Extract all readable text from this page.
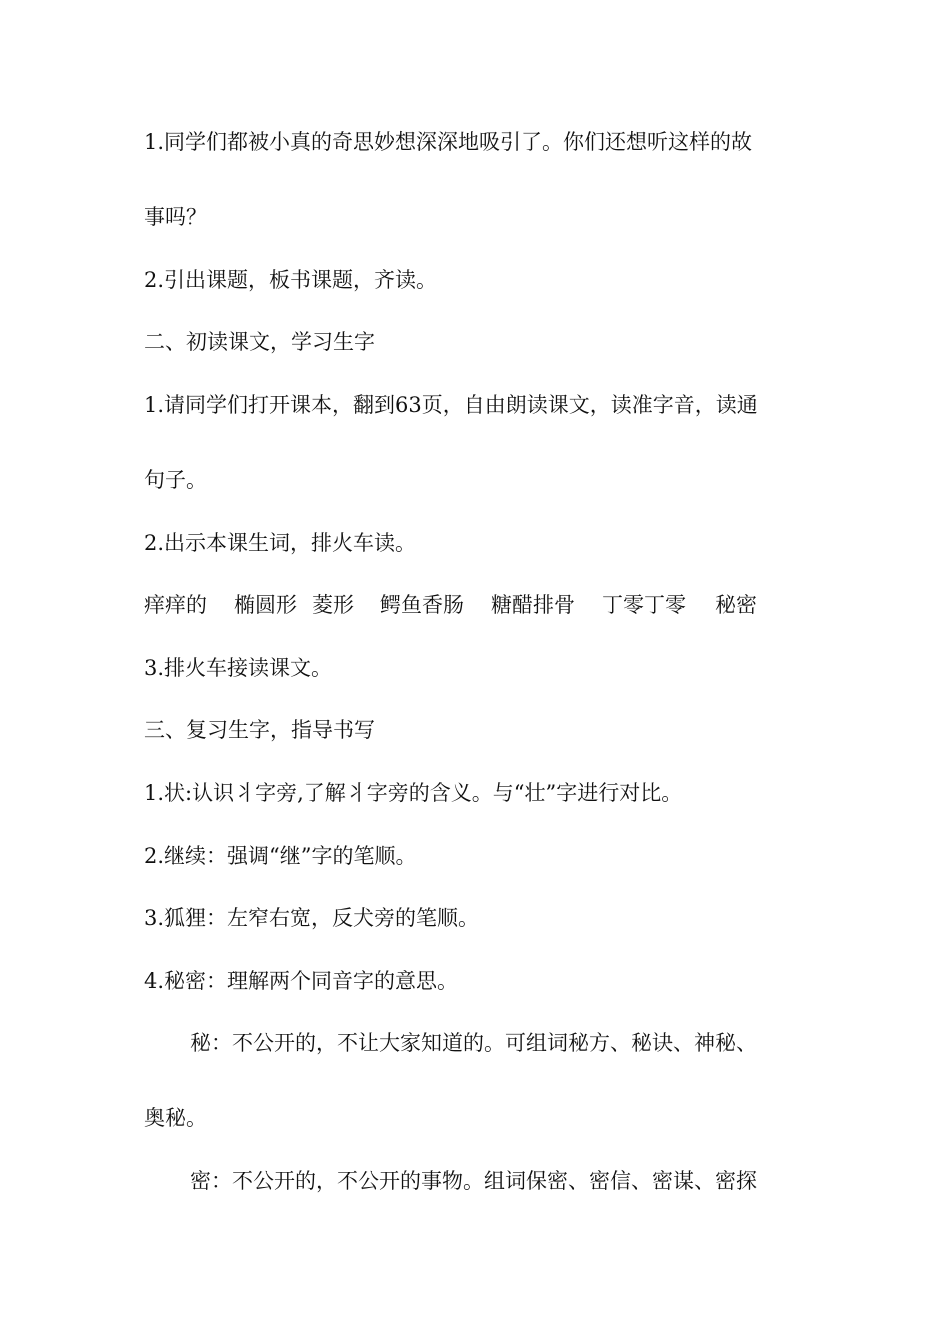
1.同学们都被小真的奇思妙想深深地吸引了。你们还想听这样的故
事吗？
2.引出课题，板书课题，齐读。
二、初读课文，学习生字
1.请同学们打开课本，翻到63页，自由朗读课文，读准字音，读通
句子。
2.出示本课生词，排火车读。
痒痒的 椭圆形 菱形 鳄鱼香肠 糖醋排骨 丁零丁零 秘密
3.排火车接读课文。
三、复习生字，指导书写
1.状:认识丬字旁,了解丬字旁的含义。与“壮”字进行对比。
2.继续：强调“继”字的笔顺。
3.狐狸：左窄右宽，反犬旁的笔顺。
4.秘密：理解两个同音字的意思。
秘：不公开的，不让大家知道的。可组词秘方、秘诀、神秘、
奥秘。
密：不公开的，不公开的事物。组词保密、密信、密谋、密探
